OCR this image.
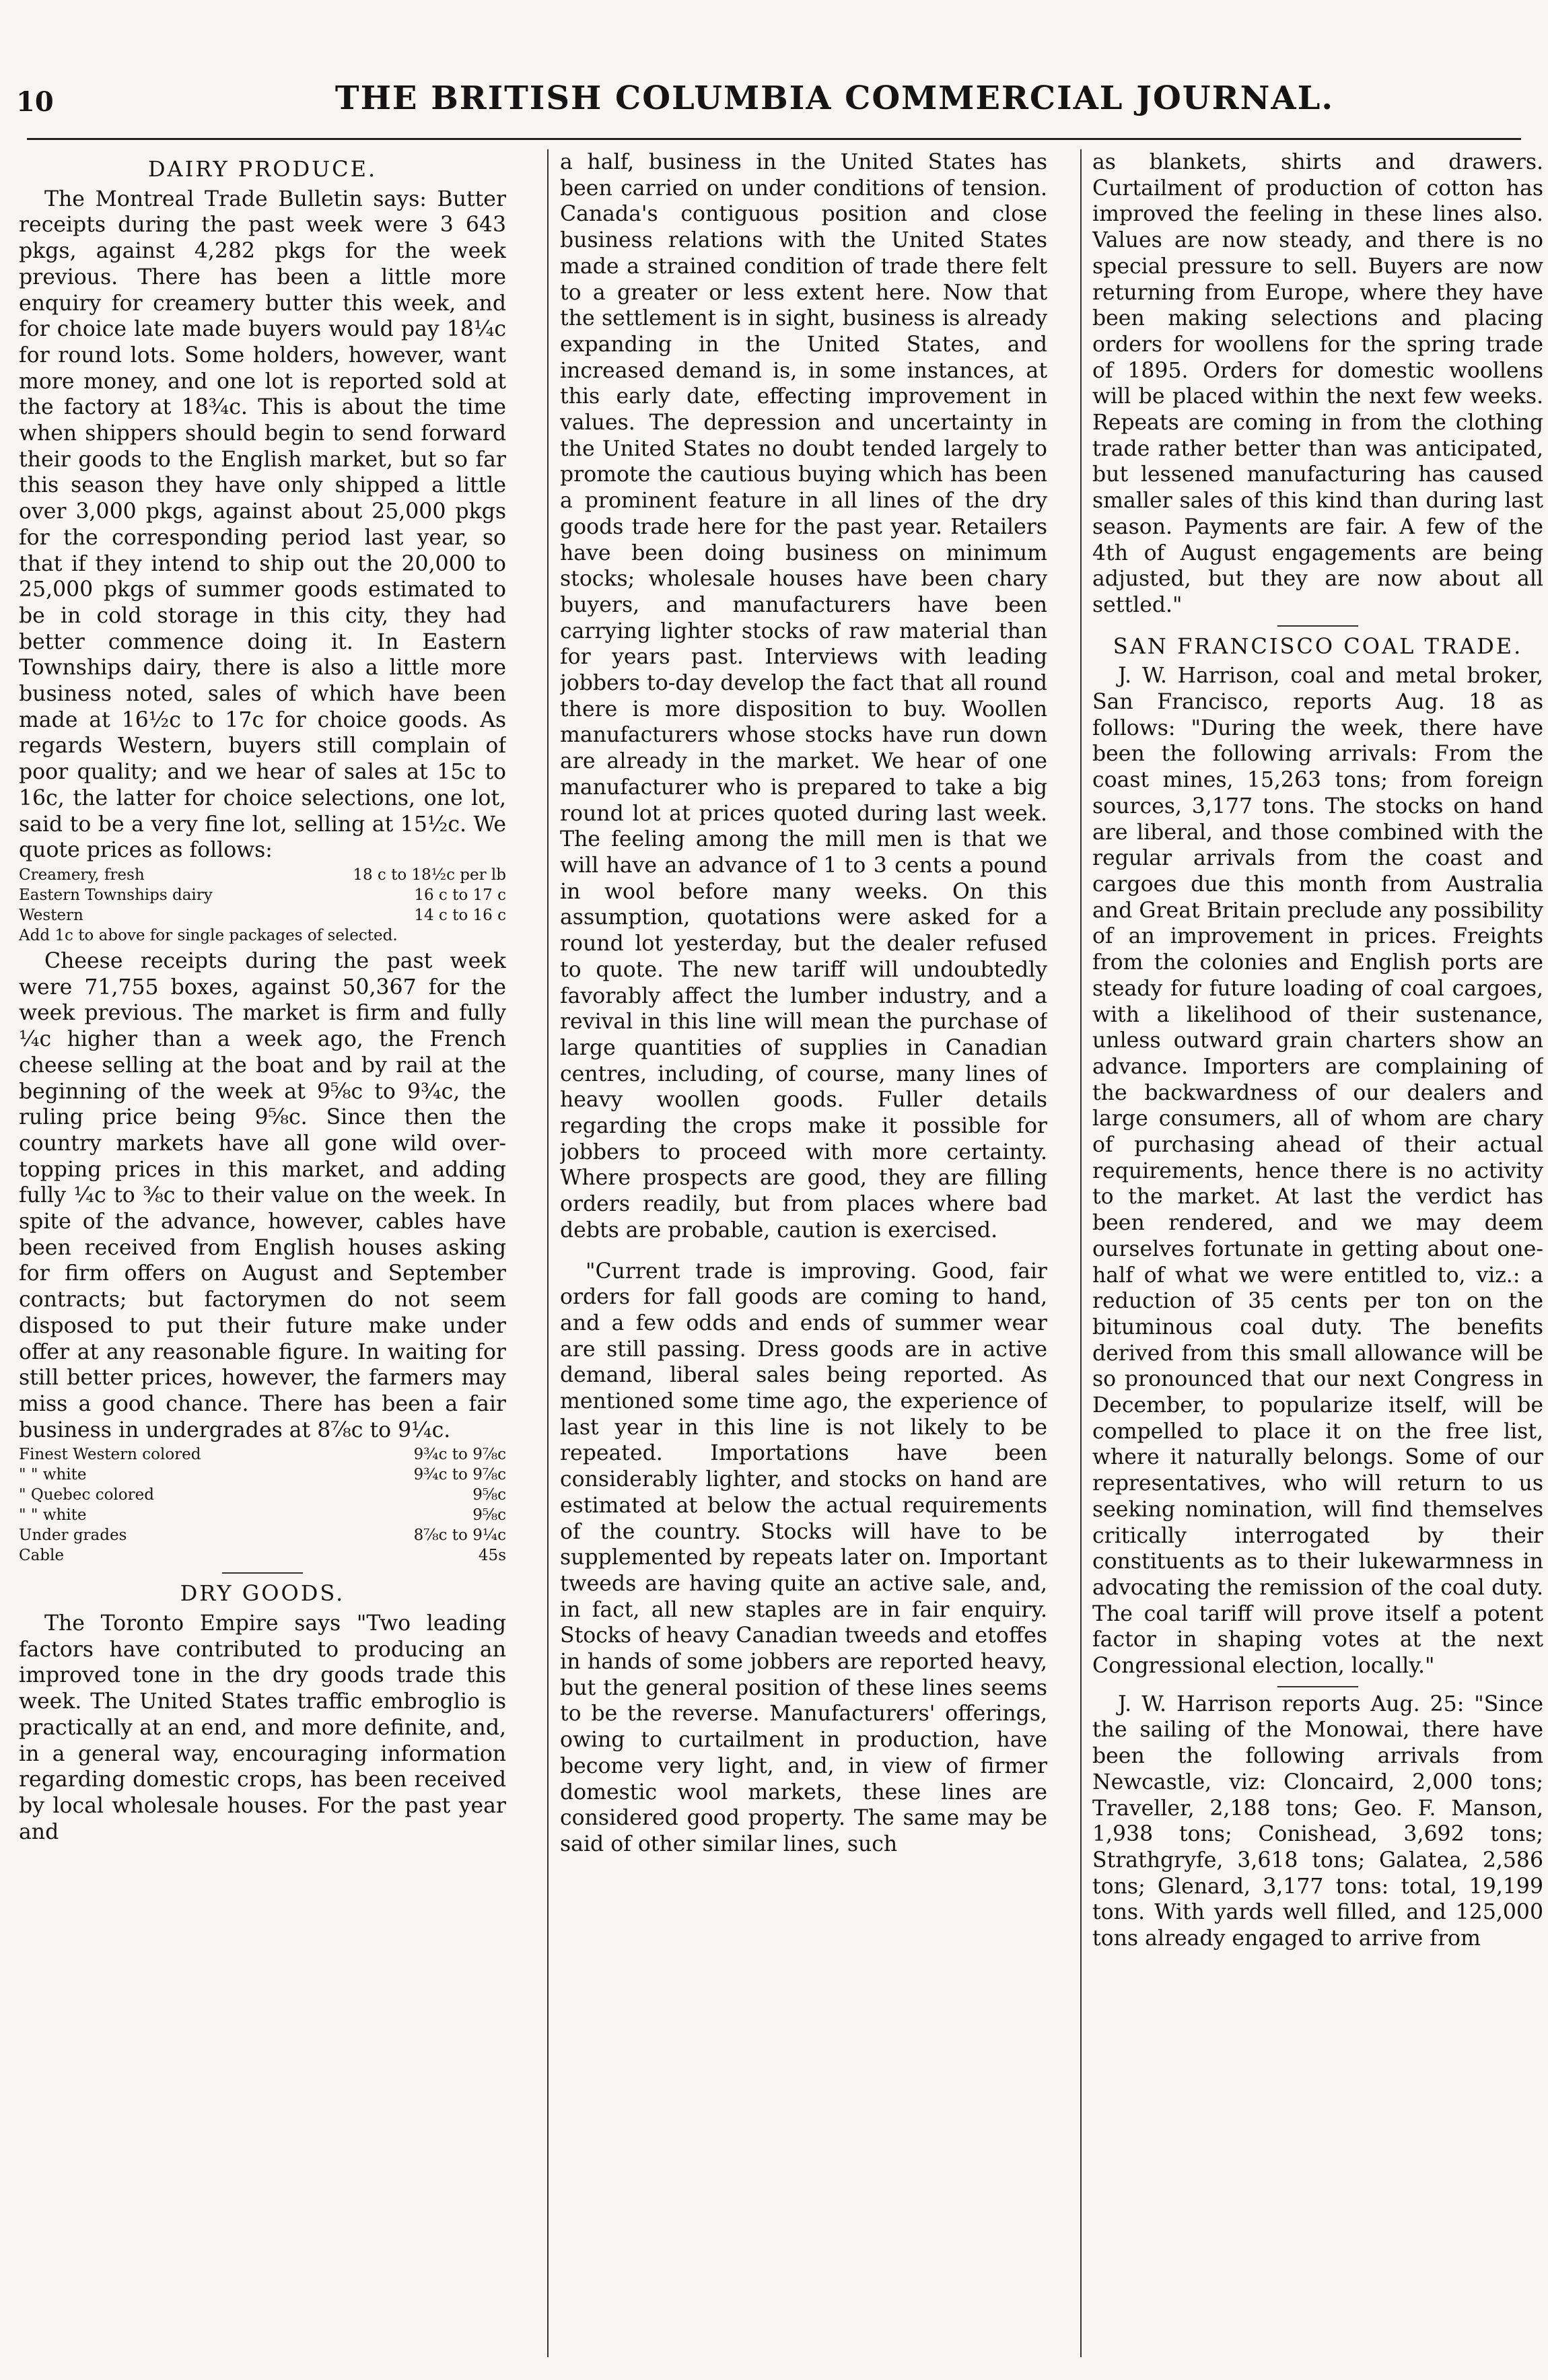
10	THE BRITISH COLUMBIA COMMERCIAL JOURNAL.
DAIRY PRODUCE.

The Montreal Trade Bulletin says: Butter receipts during the past week were 3 643 pkgs, against 4,282 pkgs for the week previous. There has been a little more enquiry for creamery butter this week, and for choice late made buyers would pay 18¼c for round lots. Some holders, however, want more money, and one lot is reported sold at the factory at 18¾c. This is about the time when shippers should begin to send forward their goods to the English market, but so far this season they have only shipped a little over 3,000 pkgs, against about 25,000 pkgs for the corresponding period last year, so that if they intend to ship out the 20,000 to 25,000 pkgs of summer goods estimated to be in cold storage in this city, they had better commence doing it. In Eastern Townships dairy, there is also a little more business noted, sales of which have been made at 16½c to 17c for choice goods. As regards Western, buyers still complain of poor quality; and we hear of sales at 15c to 16c, the latter for choice selections, one lot, said to be a very fine lot, selling at 15½c. We quote prices as follows:

Creamery, fresh	18 c to 18½c per lb
Eastern Townships dairy	16 c to 17 c
Western	14 c to 16 c
Add 1c to above for single packages of selected.

Cheese receipts during the past week were 71,755 boxes, against 50,367 for the week previous. The market is firm and fully ¼c higher than a week ago, the French cheese selling at the boat and by rail at the beginning of the week at 9⅝c to 9¾c, the ruling price being 9⅝c. Since then the country markets have all gone wild over-topping prices in this market, and adding fully ¼c to ⅜c to their value on the week. In spite of the advance, however, cables have been received from English houses asking for firm offers on August and September contracts; but factorymen do not seem disposed to put their future make under offer at any reasonable figure. In waiting for still better prices, however, the farmers may miss a good chance. There has been a fair business in undergrades at 8⅞c to 9¼c.

Finest Western colored	9¾c to 9⅞c
" " white	9¾c to 9⅞c
" Quebec colored	9⅝c
" " white	9⅝c
Under grades	8⅞c to 9¼c
Cable	45s
DRY GOODS.

The Toronto Empire says "Two leading factors have contributed to producing an improved tone in the dry goods trade this week. The United States traffic embroglio is practically at an end, and more definite, and, in a general way, encouraging information regarding domestic crops, has been received by local wholesale houses. For the past year and

a half, business in the United States has been carried on under conditions of tension. Canada's contiguous position and close business relations with the United States made a strained condition of trade there felt to a greater or less extent here. Now that the settlement is in sight, business is already expanding in the United States, and increased demand is, in some instances, at this early date, effecting improvement in values. The depression and uncertainty in the United States no doubt tended largely to promote the cautious buying which has been a prominent feature in all lines of the dry goods trade here for the past year. Retailers have been doing business on minimum stocks; wholesale houses have been chary buyers, and manufacturers have been carrying lighter stocks of raw material than for years past. Interviews with leading jobbers to-day develop the fact that all round there is more disposition to buy. Woollen manufacturers whose stocks have run down are already in the market. We hear of one manufacturer who is prepared to take a big round lot at prices quoted during last week. The feeling among the mill men is that we will have an advance of 1 to 3 cents a pound in wool before many weeks. On this assumption, quotations were asked for a round lot yesterday, but the dealer refused to quote. The new tariff will undoubtedly favorably affect the lumber industry, and a revival in this line will mean the purchase of large quantities of supplies in Canadian centres, including, of course, many lines of heavy woollen goods. Fuller details regarding the crops make it possible for jobbers to proceed with more certainty. Where prospects are good, they are filling orders readily, but from places where bad debts are probable, caution is exercised.

"Current trade is improving. Good, fair orders for fall goods are coming to hand, and a few odds and ends of summer wear are still passing. Dress goods are in active demand, liberal sales being reported. As mentioned some time ago, the experience of last year in this line is not likely to be repeated. Importations have been considerably lighter, and stocks on hand are estimated at below the actual requirements of the country. Stocks will have to be supplemented by repeats later on. Important tweeds are having quite an active sale, and, in fact, all new staples are in fair enquiry. Stocks of heavy Canadian tweeds and etoffes in hands of some jobbers are reported heavy, but the general position of these lines seems to be the reverse. Manufacturers' offerings, owing to curtailment in production, have become very light, and, in view of firmer domestic wool markets, these lines are considered good property. The same may be said of other similar lines, such

as blankets, shirts and drawers. Curtailment of production of cotton has improved the feeling in these lines also. Values are now steady, and there is no special pressure to sell. Buyers are now returning from Europe, where they have been making selections and placing orders for woollens for the spring trade of 1895. Orders for domestic woollens will be placed within the next few weeks. Repeats are coming in from the clothing trade rather better than was anticipated, but lessened manufacturing has caused smaller sales of this kind than during last season. Payments are fair. A few of the 4th of August engagements are being adjusted, but they are now about all settled."

SAN FRANCISCO COAL TRADE.

J. W. Harrison, coal and metal broker, San Francisco, reports Aug. 18 as follows: "During the week, there have been the following arrivals: From the coast mines, 15,263 tons; from foreign sources, 3,177 tons. The stocks on hand are liberal, and those combined with the regular arrivals from the coast and cargoes due this month from Australia and Great Britain preclude any possibility of an improvement in prices. Freights from the colonies and English ports are steady for future loading of coal cargoes, with a likelihood of their sustenance, unless outward grain charters show an advance. Importers are complaining of the backwardness of our dealers and large consumers, all of whom are chary of purchasing ahead of their actual requirements, hence there is no activity to the market. At last the verdict has been rendered, and we may deem ourselves fortunate in getting about one-half of what we were entitled to, viz.: a reduction of 35 cents per ton on the bituminous coal duty. The benefits derived from this small allowance will be so pronounced that our next Congress in December, to popularize itself, will be compelled to place it on the free list, where it naturally belongs. Some of our representatives, who will return to us seeking nomination, will find themselves critically interrogated by their constituents as to their lukewarmness in advocating the remission of the coal duty. The coal tariff will prove itself a potent factor in shaping votes at the next Congressional election, locally."

J. W. Harrison reports Aug. 25: "Since the sailing of the Monowai, there have been the following arrivals from Newcastle, viz: Cloncaird, 2,000 tons; Traveller, 2,188 tons; Geo. F. Manson, 1,938 tons; Conishead, 3,692 tons; Strathgryfe, 3,618 tons; Galatea, 2,586 tons; Glenard, 3,177 tons: total, 19,199 tons. With yards well filled, and 125,000 tons already engaged to arrive from
